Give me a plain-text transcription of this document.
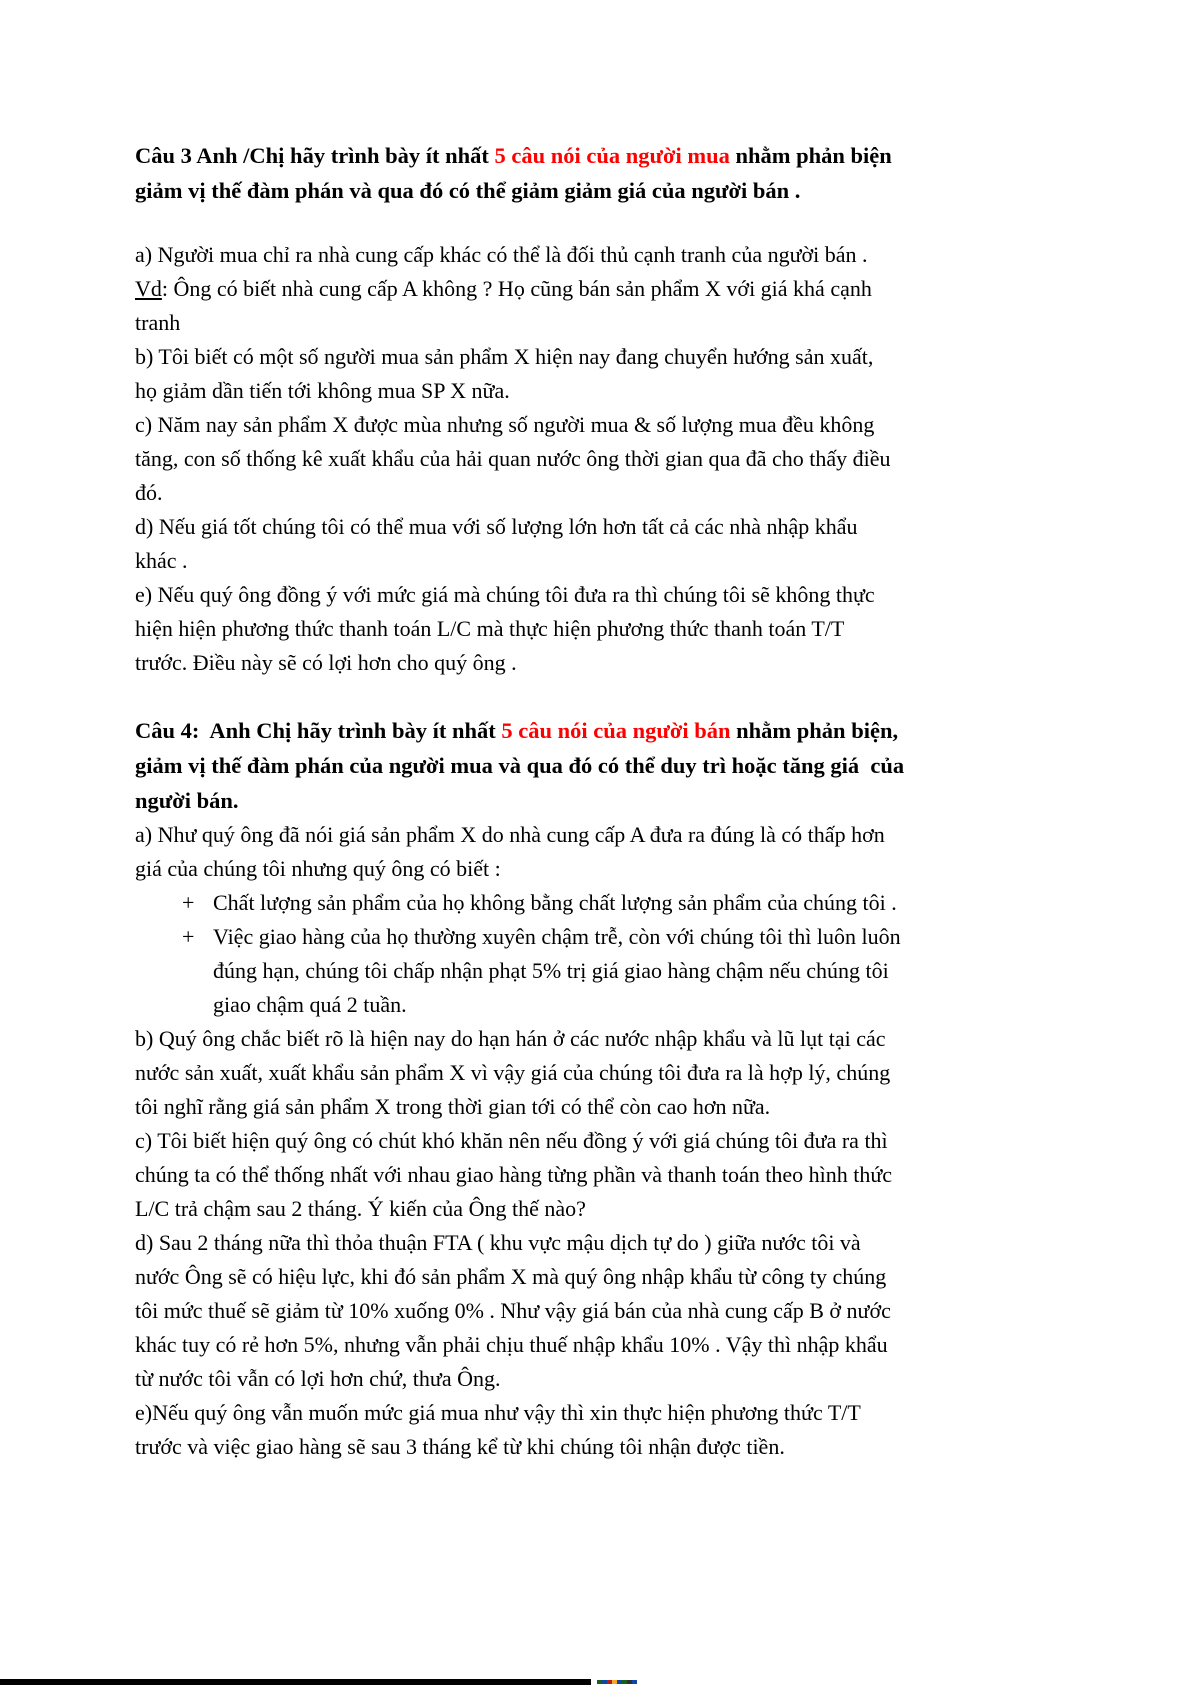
Câu 3 Anh /Chị hãy trình bày ít nhất 5 câu nói của người mua nhằm phản biện
giảm vị thế đàm phán và qua đó có thể giảm giảm giá của người bán .
a) Người mua chỉ ra nhà cung cấp khác có thể là đối thủ cạnh tranh của người bán .
Vd: Ông có biết nhà cung cấp A không ? Họ cũng bán sản phẩm X với giá khá cạnh
tranh
b) Tôi biết có một số người mua sản phẩm X hiện nay đang chuyển hướng sản xuất,
họ giảm dần tiến tới không mua SP X nữa.
c) Năm nay sản phẩm X được mùa nhưng số người mua & số lượng mua đều không
tăng, con số thống kê xuất khẩu của hải quan nước ông thời gian qua đã cho thấy điều
đó.
d) Nếu giá tốt chúng tôi có thể mua với số lượng lớn hơn tất cả các nhà nhập khẩu
khác .
e) Nếu quý ông đồng ý với mức giá mà chúng tôi đưa ra thì chúng tôi sẽ không thực
hiện hiện phương thức thanh toán L/C mà thực hiện phương thức thanh toán T/T
trước. Điều này sẽ có lợi hơn cho quý ông .
Câu 4:  Anh Chị hãy trình bày ít nhất 5 câu nói của người bán nhằm phản biện,
giảm vị thế đàm phán của người mua và qua đó có thể duy trì hoặc tăng giá  của
người bán.
a) Như quý ông đã nói giá sản phẩm X do nhà cung cấp A đưa ra đúng là có thấp hơn
giá của chúng tôi nhưng quý ông có biết :
+ Chất lượng sản phẩm của họ không bằng chất lượng sản phẩm của chúng tôi .
+ Việc giao hàng của họ thường xuyên chậm trễ, còn với chúng tôi thì luôn luôn
đúng hạn, chúng tôi chấp nhận phạt 5% trị giá giao hàng chậm nếu chúng tôi
giao chậm quá 2 tuần.
b) Quý ông chắc biết rõ là hiện nay do hạn hán ở các nước nhập khẩu và lũ lụt tại các
nước sản xuất, xuất khẩu sản phẩm X vì vậy giá của chúng tôi đưa ra là hợp lý, chúng
tôi nghĩ rằng giá sản phẩm X trong thời gian tới có thể còn cao hơn nữa.
c) Tôi biết hiện quý ông có chút khó khăn nên nếu đồng ý với giá chúng tôi đưa ra thì
chúng ta có thể thống nhất với nhau giao hàng từng phần và thanh toán theo hình thức
L/C trả chậm sau 2 tháng. Ý kiến của Ông thế nào?
d) Sau 2 tháng nữa thì thỏa thuận FTA ( khu vực mậu dịch tự do ) giữa nước tôi và
nước Ông sẽ có hiệu lực, khi đó sản phẩm X mà quý ông nhập khẩu từ công ty chúng
tôi mức thuế sẽ giảm từ 10% xuống 0% . Như vậy giá bán của nhà cung cấp B ở nước
khác tuy có rẻ hơn 5%, nhưng vẫn phải chịu thuế nhập khẩu 10% . Vậy thì nhập khẩu
từ nước tôi vẫn có lợi hơn chứ, thưa Ông.
e)Nếu quý ông vẫn muốn mức giá mua như vậy thì xin thực hiện phương thức T/T
trước và việc giao hàng sẽ sau 3 tháng kể từ khi chúng tôi nhận được tiền.
